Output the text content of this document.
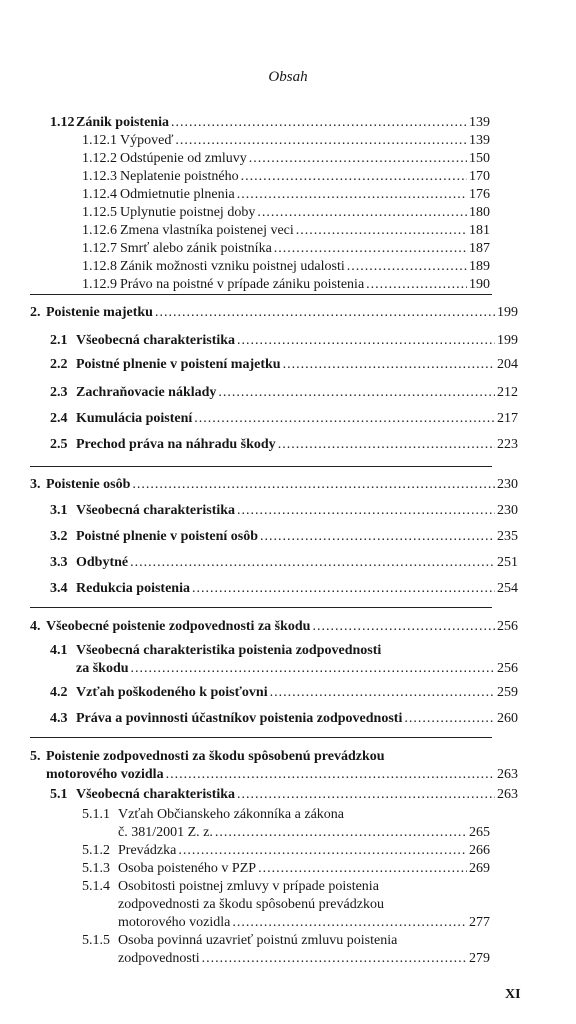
Obsah
1.12 Zánik poistenia .....	139
1.12.1 Výpoveď .....	139
1.12.2 Odstúpenie od zmluvy .....	150
1.12.3 Neplatenie poistného .....	170
1.12.4 Odmietnutie plnenia .....	176
1.12.5 Uplynutie poistnej doby .....	180
1.12.6 Zmena vlastníka poistenej veci .....	181
1.12.7 Smrť alebo zánik poistníka .....	187
1.12.8 Zánik možnosti vzniku poistnej udalosti .....	189
1.12.9 Právo na poistné v prípade zániku poistenia .....	190
2. Poistenie majetku .....	199
2.1 Všeobecná charakteristika .....	199
2.2 Poistné plnenie v poistení majetku .....	204
2.3 Zachraňovacie náklady .....	212
2.4 Kumulácia poistení .....	217
2.5 Prechod práva na náhradu škody .....	223
3. Poistenie osôb .....	230
3.1 Všeobecná charakteristika .....	230
3.2 Poistné plnenie v poistení osôb .....	235
3.3 Odbytné .....	251
3.4 Redukcia poistenia .....	254
4. Všeobecné poistenie zodpovednosti za škodu .....	256
4.1 Všeobecná charakteristika poistenia zodpovednosti
za škodu .....	256
4.2 Vzťah poškodeného k poisťovni .....	259
4.3 Práva a povinnosti účastníkov poistenia zodpovednosti .....	260
5. Poistenie zodpovednosti za škodu spôsobenú prevádzkou
motorového vozidla .....	263
5.1 Všeobecná charakteristika .....	263
5.1.1 Vzťah Občianskeho zákonníka a zákona
č. 381/2001 Z. z. .....	265
5.1.2 Prevádzka .....	266
5.1.3 Osoba poisteného v PZP .....	269
5.1.4 Osobitosti poistnej zmluvy v prípade poistenia
zodpovednosti za škodu spôsobenú prevádzkou
motorového vozidla .....	277
5.1.5 Osoba povinná uzavrieť poistnú zmluvu poistenia
zodpovednosti .....	279
XI
